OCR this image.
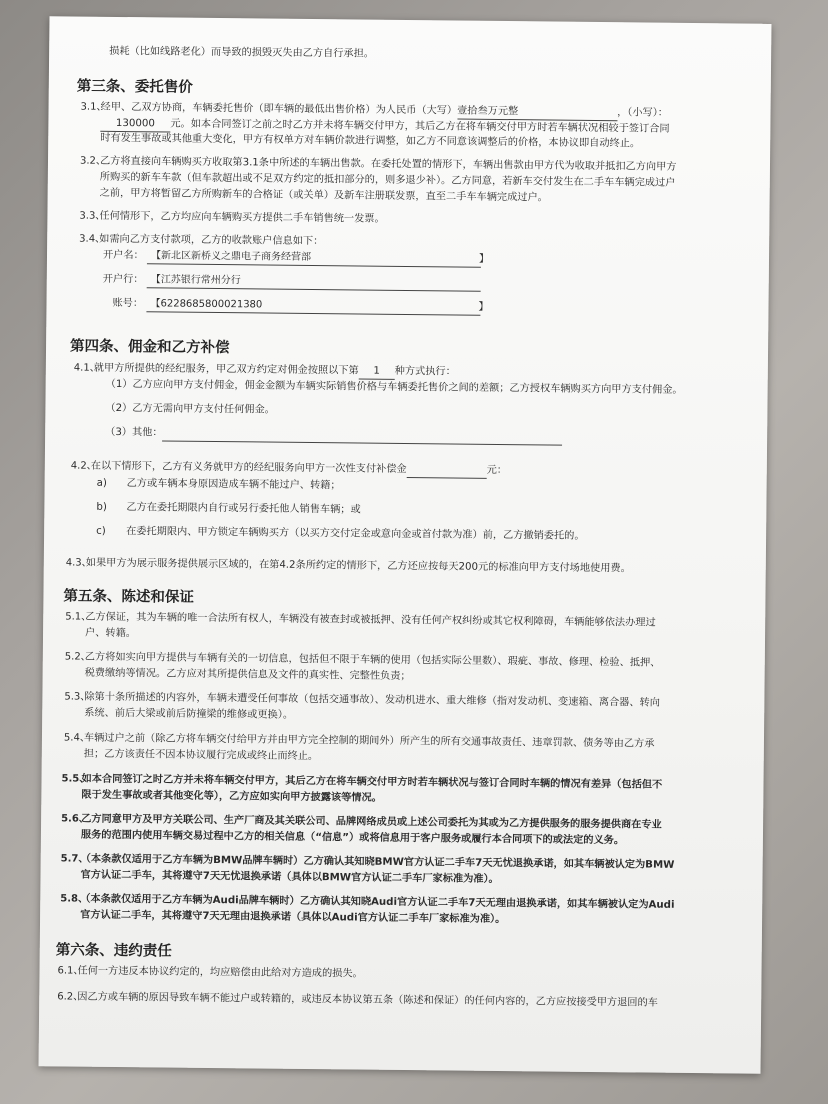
损耗（比如线路老化）而导致的损毁灭失由乙方自行承担。
第三条、委托售价
3.1、
经甲、乙双方协商，车辆委托售价（即车辆的最低出售价格）为人民币（大写）壹拾叁万元整	，（小写）：
130000 元。如本合同签订之前之时乙方并未将车辆交付甲方，其后乙方在将车辆交付甲方时若车辆状况相较于签订合同
时有发生事故或其他重大变化，甲方有权单方对车辆价款进行调整，如乙方不同意该调整后的价格，本协议即自动终止。
3.2、
乙方将直接向车辆购买方收取第3.1条中所述的车辆出售款。在委托处置的情形下，车辆出售款由甲方代为收取并抵扣乙方向甲方
所购买的新车车款（但车款超出或不足双方约定的抵扣部分的，则多退少补）。乙方同意，若新车交付发生在二手车车辆完成过户
之前，甲方将暂留乙方所购新车的合格证（或关单）及新车注册联发票，直至二手车车辆完成过户。
3.3、
任何情形下，乙方均应向车辆购买方提供二手车销售统一发票。
3.4、
如需向乙方支付款项，乙方的收款账户信息如下：
开户名： 【新北区新桥义之鼎电子商务经营部	】
开户行： 【江苏银行常州分行
账号： 【6228685800021380	】
第四条、佣金和乙方补偿
4.1、
就甲方所提供的经纪服务，甲乙双方约定对佣金按照以下第 1 种方式执行：
（1）乙方应向甲方支付佣金，佣金金额为车辆实际销售价格与车辆委托售价之间的差额；乙方授权车辆购买方向甲方支付佣金。
（2）乙方无需向甲方支付任何佣金。
（3）其他：
4.2、
在以下情形下，乙方有义务就甲方的经纪服务向甲方一次性支付补偿金	元：
a) 乙方或车辆本身原因造成车辆不能过户、转籍；
b) 乙方在委托期限内自行或另行委托他人销售车辆；或
c) 在委托期限内、甲方锁定车辆购买方（以买方交付定金或意向金或首付款为准）前，乙方撤销委托的。
4.3、
如果甲方为展示服务提供展示区域的，在第4.2条所约定的情形下，乙方还应按每天200元的标准向甲方支付场地使用费。
第五条、陈述和保证
5.1、
乙方保证，其为车辆的唯一合法所有权人，车辆没有被查封或被抵押、没有任何产权纠纷或其它权利障碍，车辆能够依法办理过
户、转籍。
5.2、
乙方将如实向甲方提供与车辆有关的一切信息，包括但不限于车辆的使用（包括实际公里数）、瑕疵、事故、修理、检验、抵押、
税费缴纳等情况。乙方应对其所提供信息及文件的真实性、完整性负责；
5.3、
除第十条所描述的内容外，车辆未遭受任何事故（包括交通事故）、发动机进水、重大维修（指对发动机、变速箱、离合器、转向
系统、前后大梁或前后防撞梁的维修或更换）。
5.4、
车辆过户之前（除乙方将车辆交付给甲方并由甲方完全控制的期间外）所产生的所有交通事故责任、违章罚款、债务等由乙方承
担；乙方该责任不因本协议履行完成或终止而终止。
5.5、
如本合同签订之时乙方并未将车辆交付甲方，其后乙方在将车辆交付甲方时若车辆状况与签订合同时车辆的情况有差异（包括但不
限于发生事故或者其他变化等），乙方应如实向甲方披露该等情况。
5.6、
乙方同意甲方及甲方关联公司、生产厂商及其关联公司、品牌网络成员或上述公司委托为其或为乙方提供服务的服务提供商在专业
服务的范围内使用车辆交易过程中乙方的相关信息（“信息”）或将信息用于客户服务或履行本合同项下的或法定的义务。
5.7、
（本条款仅适用于乙方车辆为BMW品牌车辆时）乙方确认其知晓BMW官方认证二手车7天无忧退换承诺，如其车辆被认定为BMW
官方认证二手车，其将遵守7天无忧退换承诺（具体以BMW官方认证二手车厂家标准为准）。
5.8、
（本条款仅适用于乙方车辆为Audi品牌车辆时）乙方确认其知晓Audi官方认证二手车7天无理由退换承诺，如其车辆被认定为Audi
官方认证二手车，其将遵守7天无理由退换承诺（具体以Audi官方认证二手车厂家标准为准）。
第六条、违约责任
6.1、
任何一方违反本协议约定的，均应赔偿由此给对方造成的损失。
6.2、
因乙方或车辆的原因导致车辆不能过户或转籍的，或违反本协议第五条（陈述和保证）的任何内容的，乙方应按接受甲方退回的车
